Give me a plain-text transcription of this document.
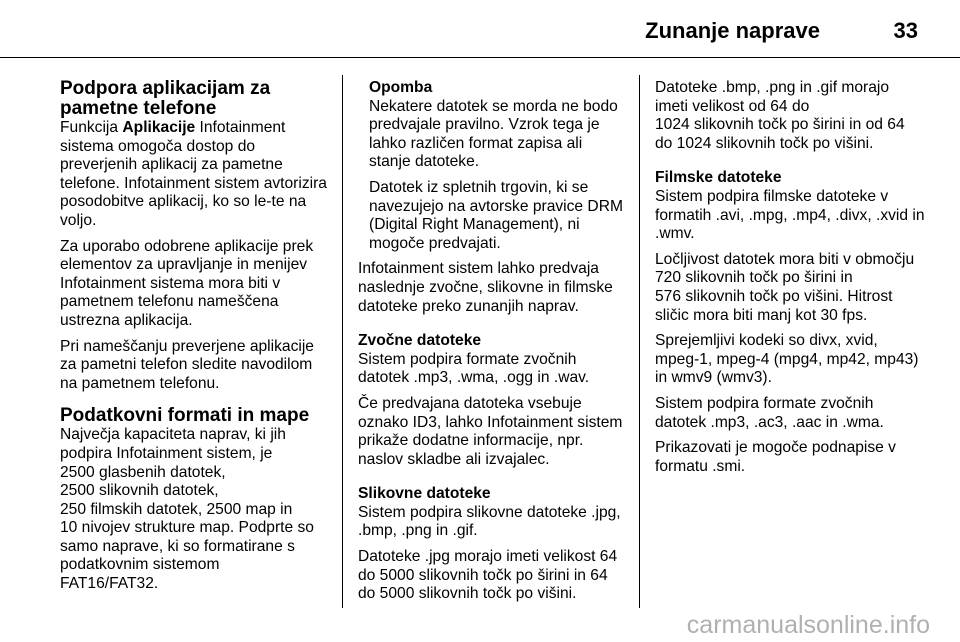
Zunanje naprave	33
Podpora aplikacijam za pametne telefone

Funkcija Aplikacije Infotainment sistema omogoča dostop do preverjenih aplikacij za pametne telefone. Infotainment sistem avtorizira posodobitve aplikacij, ko so le-te na voljo.

Za uporabo odobrene aplikacije prek elementov za upravljanje in menijev Infotainment sistema mora biti v pametnem telefonu nameščena ustrezna aplikacija.

Pri nameščanju preverjene aplikacije za pametni telefon sledite navodilom na pametnem telefonu.

Podatkovni formati in mape

Največja kapaciteta naprav, ki jih
podpira Infotainment sistem, je
2500 glasbenih datotek,
2500 slikovnih datotek,
250 filmskih datotek, 2500 map in
10 nivojev strukture map. Podprte so
samo naprave, ki so formatirane s
podatkovnim sistemom
FAT16/FAT32.

Opomba

Nekatere datotek se morda ne bodo predvajale pravilno. Vzrok tega je lahko različen format zapisa ali stanje datoteke.

Datotek iz spletnih trgovin, ki se navezujejo na avtorske pravice DRM (Digital Right Management), ni mogoče predvajati.

Infotainment sistem lahko predvaja naslednje zvočne, slikovne in filmske datoteke preko zunanjih naprav.

Zvočne datoteke

Sistem podpira formate zvočnih datotek .mp3, .wma, .ogg in .wav.

Če predvajana datoteka vsebuje oznako ID3, lahko Infotainment sistem prikaže dodatne informacije, npr. naslov skladbe ali izvajalec.

Slikovne datoteke

Sistem podpira slikovne datoteke .jpg, .bmp, .png in .gif.

Datoteke .jpg morajo imeti velikost 64 do 5000 slikovnih točk po širini in 64 do 5000 slikovnih točk po višini.

Datoteke .bmp, .png in .gif morajo
imeti velikost od 64 do
1024 slikovnih točk po širini in od 64
do 1024 slikovnih točk po višini.

Filmske datoteke

Sistem podpira filmske datoteke v formatih .avi, .mpg, .mp4, .divx, .xvid in .wmv.

Ločljivost datotek mora biti v območju
720 slikovnih točk po širini in
576 slikovnih točk po višini. Hitrost
sličic mora biti manj kot 30 fps.

Sprejemljivi kodeki so divx, xvid, mpeg-1, mpeg-4 (mpg4, mp42, mp43) in wmv9 (wmv3).

Sistem podpira formate zvočnih datotek .mp3, .ac3, .aac in .wma.

Prikazovati je mogoče podnapise v formatu .smi.

carmanualsonline.info
